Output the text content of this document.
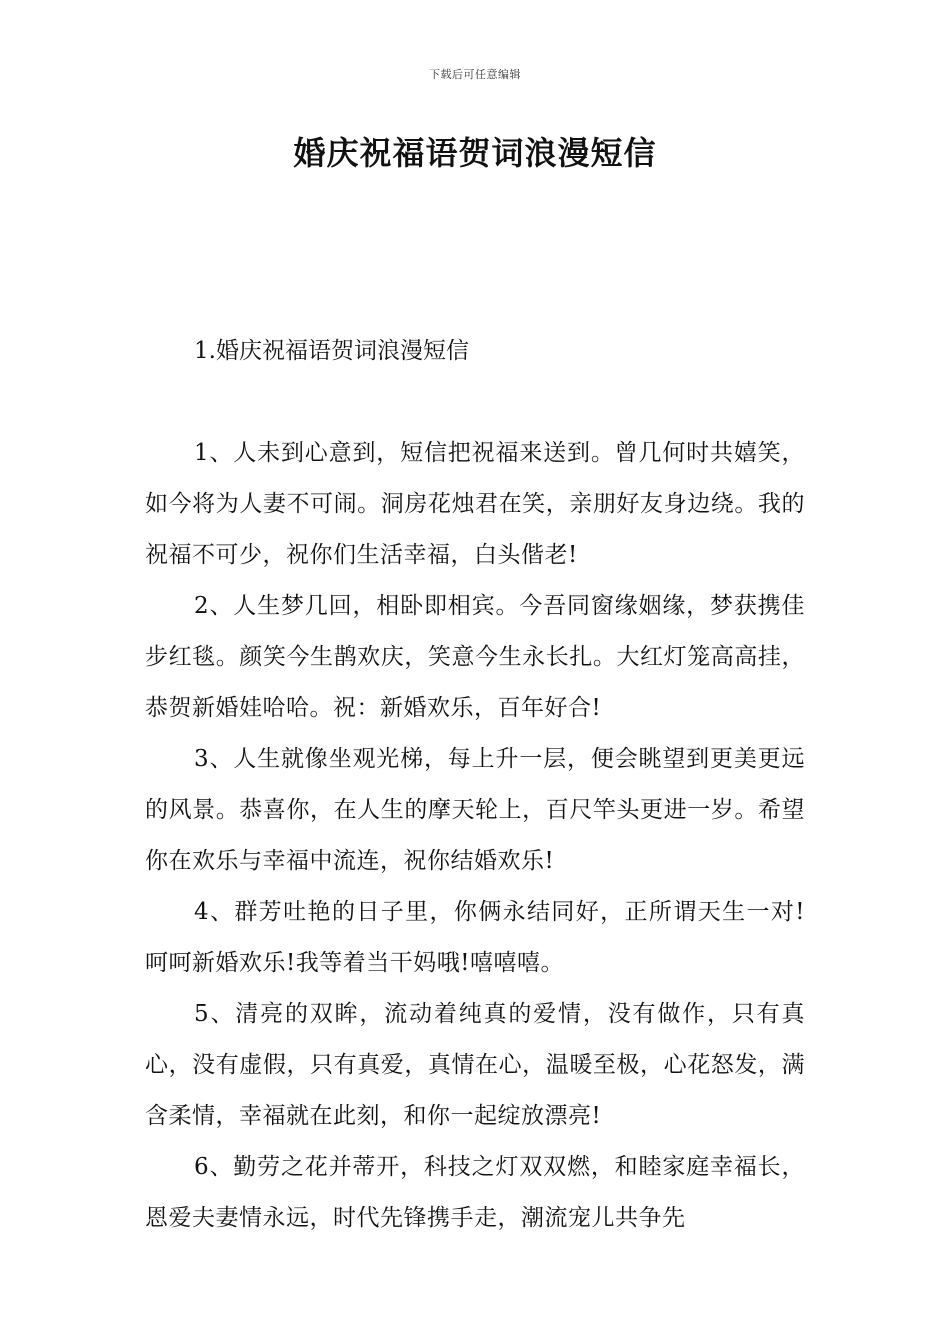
下载后可任意编辑
婚庆祝福语贺词浪漫短信

1.婚庆祝福语贺词浪漫短信

1、人未到心意到，短信把祝福来送到。曾几何时共嬉笑，如今将为人妻不可闹。洞房花烛君在笑，亲朋好友身边绕。我的祝福不可少，祝你们生活幸福，白头偕老!

2、人生梦几回，相卧即相宾。今吾同窗缘姻缘，梦获携佳步红毯。颜笑今生鹊欢庆，笑意今生永长扎。大红灯笼高高挂，恭贺新婚娃哈哈。祝：新婚欢乐，百年好合!

3、人生就像坐观光梯，每上升一层，便会眺望到更美更远的风景。恭喜你，在人生的摩天轮上，百尺竿头更进一岁。希望你在欢乐与幸福中流连，祝你结婚欢乐!

4、群芳吐艳的日子里，你俩永结同好，正所谓天生一对!呵呵新婚欢乐!我等着当干妈哦!嘻嘻嘻。

5、清亮的双眸，流动着纯真的爱情，没有做作，只有真心，没有虚假，只有真爱，真情在心，温暖至极，心花怒发，满含柔情，幸福就在此刻，和你一起绽放漂亮!

6、勤劳之花并蒂开，科技之灯双双燃，和睦家庭幸福长，恩爱夫妻情永远，时代先锋携手走，潮流宠儿共争先
